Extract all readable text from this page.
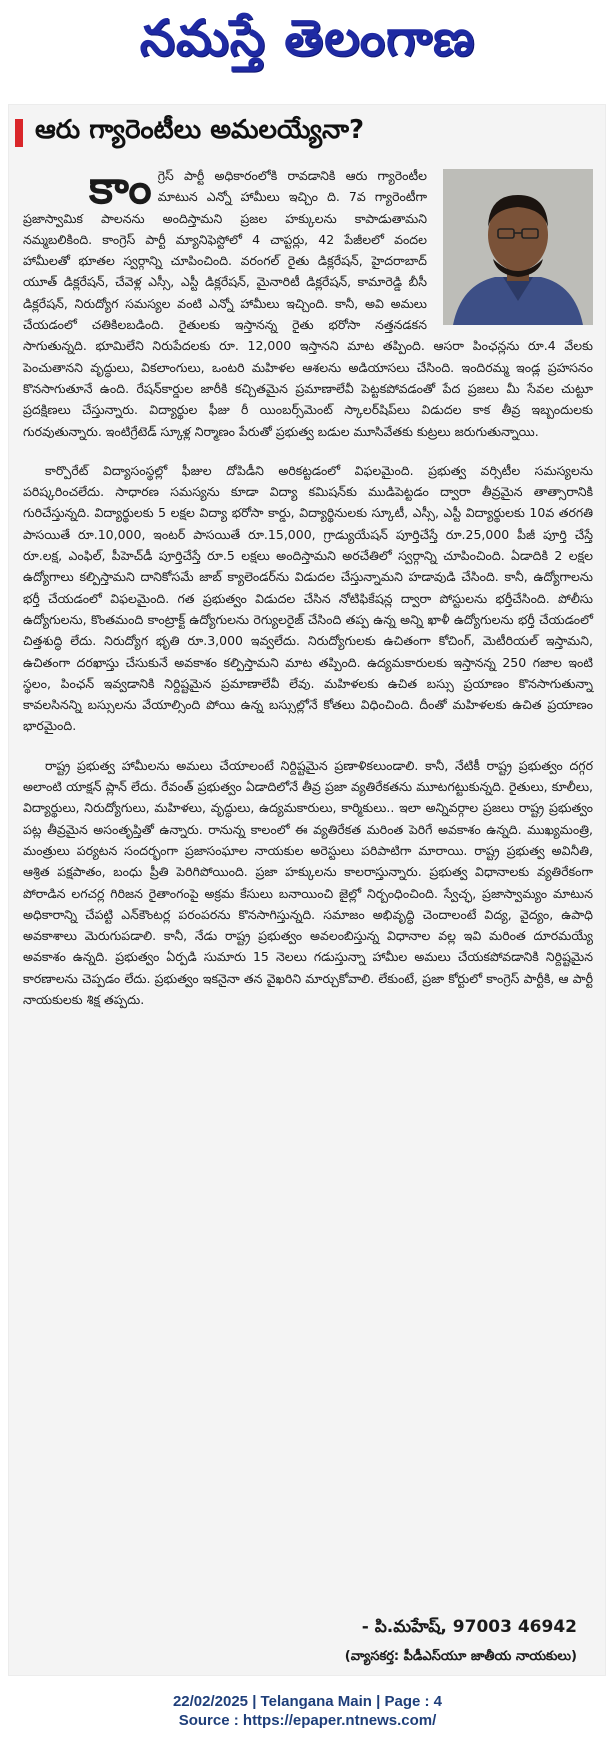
నమస్తే తెలంగాణ
ఆరు గ్యారెంటీలు అమలయ్యేనా?

కాంగ్రెస్ పార్టీ అధికారంలోకి రావడానికి ఆరు గ్యారెంటీల మాటున ఎన్నో హామీలు ఇచ్చిం ది. 7వ గ్యారెంటీగా ప్రజాస్వామిక పాలనను అందిస్తామని ప్రజల హక్కులను కాపాడుతామని నమ్మబలికింది. కాంగ్రెస్ పార్టీ మ్యానిఫెస్టోలో 4 చాప్టర్లు, 42 పేజీలలో వందల హామీలతో భూతల స్వర్గాన్ని చూపించింది. వరంగల్ రైతు డిక్లరేషన్, హైదరాబాద్ యూత్ డిక్లరేషన్, చేవెళ్ల ఎస్సీ, ఎస్టీ డిక్లరేషన్, మైనారిటీ డిక్లరేషన్, కామారెడ్డి బీసీ డిక్లరేషన్, నిరుద్యోగ సమస్యల వంటి ఎన్నో హామీలు ఇచ్చింది. కానీ, అవి అమలు చేయడంలో చతికిలబడింది. రైతులకు ఇస్తానన్న రైతు భరోసా నత్తనడకన సాగుతున్నది. భూమిలేని నిరుపేదలకు రూ. 12,000 ఇస్తానని మాట తప్పింది. ఆసరా పింఛన్లను రూ.4 వేలకు పెంచుతానని వృద్ధులు, వికలాంగులు, ఒంటరి మహిళల ఆశలను అడియాసలు చేసింది. ఇందిరమ్మ ఇండ్ల ప్రహసనం కొనసాగుతూనే ఉంది. రేషన్‌కార్డుల జారీకి కచ్చితమైన ప్రమాణాలేవీ పెట్టకపోవడంతో పేద ప్రజలు మీ సేవల చుట్టూ ప్రదక్షిణలు చేస్తున్నారు. విద్యార్థుల ఫీజు రీ యింబర్స్‌మెంట్ స్కాలర్‌షిప్‌లు విడుదల కాక తీవ్ర ఇబ్బందులకు గురవుతున్నారు. ఇంటిగ్రేటెడ్ స్కూళ్ల నిర్మాణం పేరుతో ప్రభుత్వ బడుల మూసివేతకు కుట్రలు జరుగుతున్నాయి.

కార్పొరేట్ విద్యాసంస్థల్లో ఫీజుల దోపిడీని అరికట్టడంలో విఫలమైంది. ప్రభుత్వ వర్సిటీల సమస్యలను పరిష్కరించలేదు. సాధారణ సమస్యను కూడా విద్యా కమిషన్‌కు ముడిపెట్టడం ద్వారా తీవ్రమైన తాత్సారానికి గురిచేస్తున్నది. విద్యార్థులకు 5 లక్షల విద్యా భరోసా కార్డు, విద్యార్థినులకు స్కూటీ, ఎస్సీ, ఎస్టీ విద్యార్థులకు 10వ తరగతి పాసయితే రూ.10,000, ఇంటర్ పాసయితే రూ.15,000, గ్రాడ్యుయేషన్ పూర్తిచేస్తే రూ.25,000 పీజీ పూర్తి చేస్తే రూ.లక్ష, ఎంఫిల్, పీహెచ్‌డీ పూర్తిచేస్తే రూ.5 లక్షలు అందిస్తామని అరచేతిలో స్వర్గాన్ని చూపించింది. ఏడాదికి 2 లక్షల ఉద్యోగాలు కల్పిస్తామని దానికోసమే జాబ్ క్యాలెండర్‌ను విడుదల చేస్తున్నామని హడావుడి చేసింది. కానీ, ఉద్యోగాలను భర్తీ చేయడంలో విఫలమైంది. గత ప్రభుత్వం విడుదల చేసిన నోటిఫికేషన్ల ద్వారా పోస్టులను భర్తీచేసింది. పోలీసు ఉద్యోగులను, కొంతమంది కాంట్రాక్ట్ ఉద్యోగులను రెగ్యులరైజ్ చేసింది తప్ప ఉన్న అన్ని ఖాళీ ఉద్యోగులను భర్తీ చేయడంలో చిత్తశుద్ధి లేదు. నిరుద్యోగ భృతి రూ.3,000 ఇవ్వలేదు. నిరుద్యోగులకు ఉచితంగా కోచింగ్, మెటీరియల్ ఇస్తామని, ఉచితంగా దరఖాస్తు చేసుకునే అవకాశం కల్పిస్తామని మాట తప్పింది. ఉద్యమకారులకు ఇస్తానన్న 250 గజాల ఇంటి స్థలం, పింఛన్ ఇవ్వడానికి నిర్దిష్టమైన ప్రమాణాలేవీ లేవు. మహిళలకు ఉచిత బస్సు ప్రయాణం కొనసాగుతున్నా కావలసినన్ని బస్సులను వేయాల్సింది పోయి ఉన్న బస్సుల్లోనే కోతలు విధించింది. దీంతో మహిళలకు ఉచిత ప్రయాణం భారమైంది.

రాష్ట్ర ప్రభుత్వ హామీలను అమలు చేయాలంటే నిర్దిష్టమైన ప్రణాళికలుండాలి. కానీ, నేటికీ రాష్ట్ర ప్రభుత్వం దగ్గర అలాంటి యాక్షన్ ప్లాన్ లేదు. రేవంత్ ప్రభుత్వం ఏడాదిలోనే తీవ్ర ప్రజా వ్యతిరేకతను మూటగట్టుకున్నది. రైతులు, కూలీలు, విద్యార్థులు, నిరుద్యోగులు, మహిళలు, వృద్ధులు, ఉద్యమకారులు, కార్మికులు.. ఇలా అన్నివర్గాల ప్రజలు రాష్ట్ర ప్రభుత్వం పట్ల తీవ్రమైన అసంతృప్తితో ఉన్నారు. రానున్న కాలంలో ఈ వ్యతిరేకత మరింత పెరిగే అవకాశం ఉన్నది. ముఖ్యమంత్రి, మంత్రులు పర్యటన సందర్భంగా ప్రజాసంఘాల నాయకుల అరెస్టులు పరిపాటిగా మారాయి. రాష్ట్ర ప్రభుత్వ అవినీతి, ఆశ్రిత పక్షపాతం, బంధు ప్రీతి పెరిగిపోయింది. ప్రజా హక్కులను కాలరాస్తున్నారు. ప్రభుత్వ విధానాలకు వ్యతిరేకంగా పోరాడిన లగచర్ల గిరిజన రైతాంగంపై అక్రమ కేసులు బనాయించి జైల్లో నిర్బంధించింది. స్వేచ్ఛ, ప్రజాస్వామ్యం మాటున అధికారాన్ని చేపట్టి ఎన్‌కౌంటర్ల పరంపరను కొనసాగిస్తున్నది. సమాజం అభివృద్ధి చెందాలంటే విద్య, వైద్యం, ఉపాధి అవకాశాలు మెరుగుపడాలి. కానీ, నేడు రాష్ట్ర ప్రభుత్వం అవలంబిస్తున్న విధానాల వల్ల ఇవి మరింత దూరమయ్యే అవకాశం ఉన్నది. ప్రభుత్వం ఏర్పడి సుమారు 15 నెలలు గడుస్తున్నా హామీల అమలు చేయకపోవడానికి నిర్దిష్టమైన కారణాలను చెప్పడం లేదు. ప్రభుత్వం ఇకనైనా తన వైఖరిని మార్చుకోవాలి. లేకుంటే, ప్రజా కోర్టులో కాంగ్రెస్ పార్టీకి, ఆ పార్టీ నాయకులకు శిక్ష తప్పదు.

- పి.మహేష్, 97003 46942
(వ్యాసకర్త: పీడీఎస్‌యూ జాతీయ నాయకులు)
22/02/2025 | Telangana Main | Page : 4
Source : https://epaper.ntnews.com/
